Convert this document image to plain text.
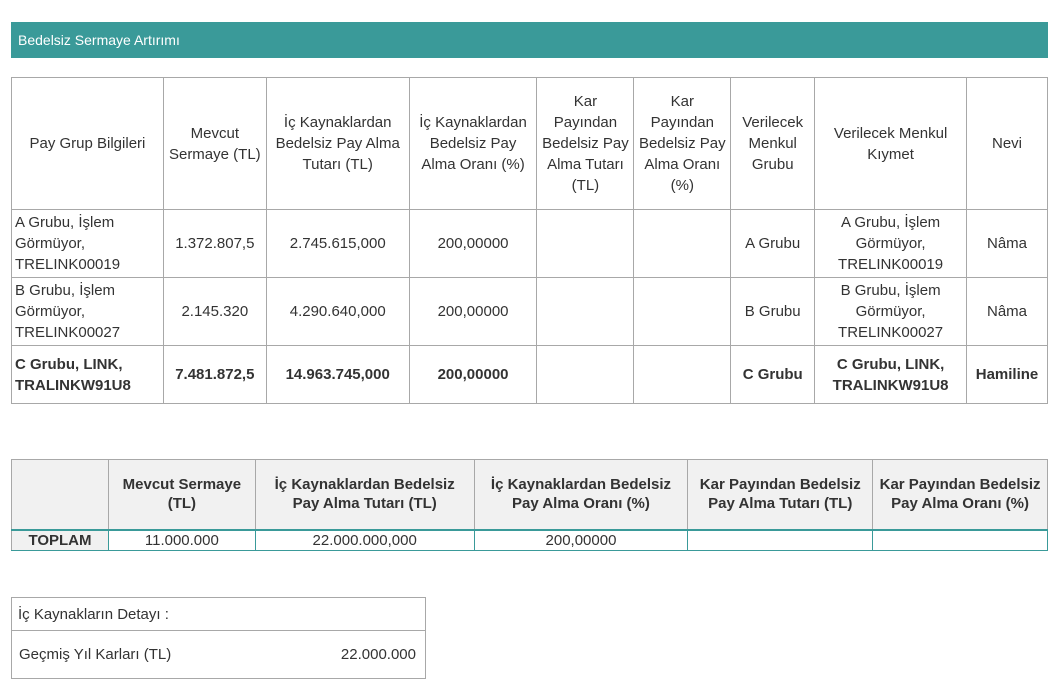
Bedelsiz Sermaye Artırımı
Pay Grup Bilgileri	Mevcut Sermaye (TL)	İç Kaynaklardan Bedelsiz Pay Alma Tutarı (TL)	İç Kaynaklardan Bedelsiz Pay Alma Oranı (%)	Kar Payından Bedelsiz Pay Alma Tutarı (TL)	Kar Payından Bedelsiz Pay Alma Oranı (%)	Verilecek Menkul Grubu	Verilecek Menkul Kıymet	Nevi
A Grubu, İşlem Görmüyor, TRELINK00019	1.372.807,5	2.745.615,000	200,00000			A Grubu	A Grubu, İşlem Görmüyor, TRELINK00019	Nâma
B Grubu, İşlem Görmüyor, TRELINK00027	2.145.320	4.290.640,000	200,00000			B Grubu	B Grubu, İşlem Görmüyor, TRELINK00027	Nâma
C Grubu, LINK, TRALINKW91U8	7.481.872,5	14.963.745,000	200,00000			C Grubu	C Grubu, LINK, TRALINKW91U8	Hamiline
	Mevcut Sermaye (TL)	İç Kaynaklardan Bedelsiz Pay Alma Tutarı (TL)	İç Kaynaklardan Bedelsiz Pay Alma Oranı (%)	Kar Payından Bedelsiz Pay Alma Tutarı (TL)	Kar Payından Bedelsiz Pay Alma Oranı (%)
TOPLAM	11.000.000	22.000.000,000	200,00000		
İç Kaynakların Detayı :
Geçmiş Yıl Karları (TL)	22.000.000
